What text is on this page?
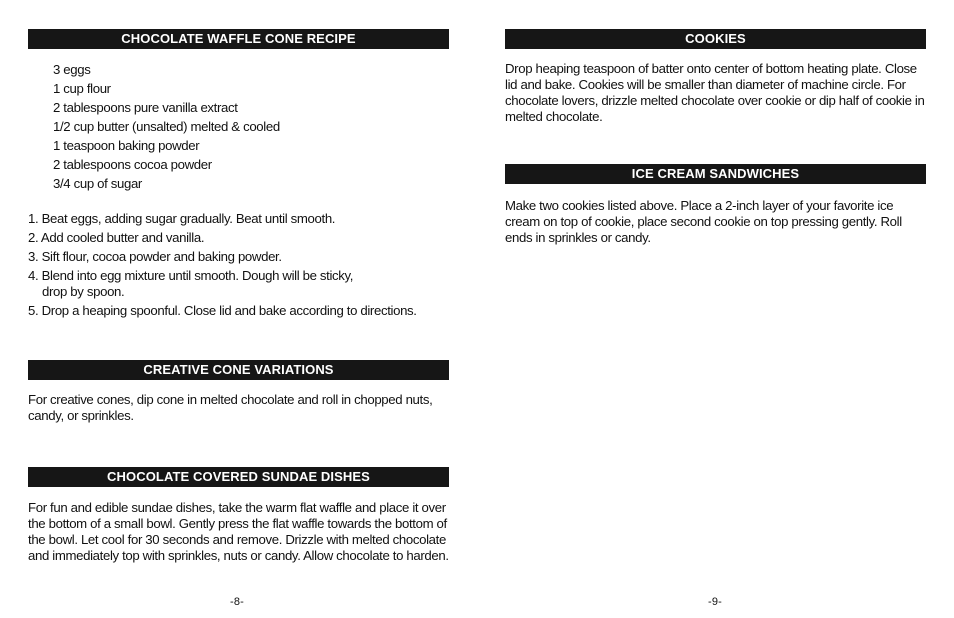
CHOCOLATE WAFFLE CONE RECIPE
3 eggs
1 cup flour
2 tablespoons pure vanilla extract
1/2 cup butter (unsalted) melted & cooled
1 teaspoon baking powder
2 tablespoons cocoa powder
3/4 cup of sugar
1. Beat eggs, adding sugar gradually. Beat until smooth.
2. Add cooled butter and vanilla.
3. Sift flour, cocoa powder and baking powder.
4. Blend into egg mixture until smooth. Dough will be sticky,
drop by spoon.
5. Drop a heaping spoonful. Close lid and bake according to directions.
CREATIVE CONE VARIATIONS
For creative cones, dip cone in melted chocolate and roll in chopped nuts, candy, or sprinkles.
CHOCOLATE COVERED SUNDAE DISHES
For fun and edible sundae dishes, take the warm flat waffle and place it over the bottom of a small bowl. Gently press the flat waffle towards the bottom of the bowl. Let cool for 30 seconds and remove. Drizzle with melted chocolate and immediately top with sprinkles, nuts or candy. Allow chocolate to harden.
-8-
COOKIES
Drop heaping teaspoon of batter onto center of bottom heating plate. Close lid and bake. Cookies will be smaller than diameter of machine circle. For chocolate lovers, drizzle melted chocolate over cookie or dip half of cookie in melted chocolate.
ICE CREAM SANDWICHES
Make two cookies listed above. Place a 2-inch layer of your favorite ice cream on top of cookie, place second cookie on top pressing gently. Roll ends in sprinkles or candy.
-9-
